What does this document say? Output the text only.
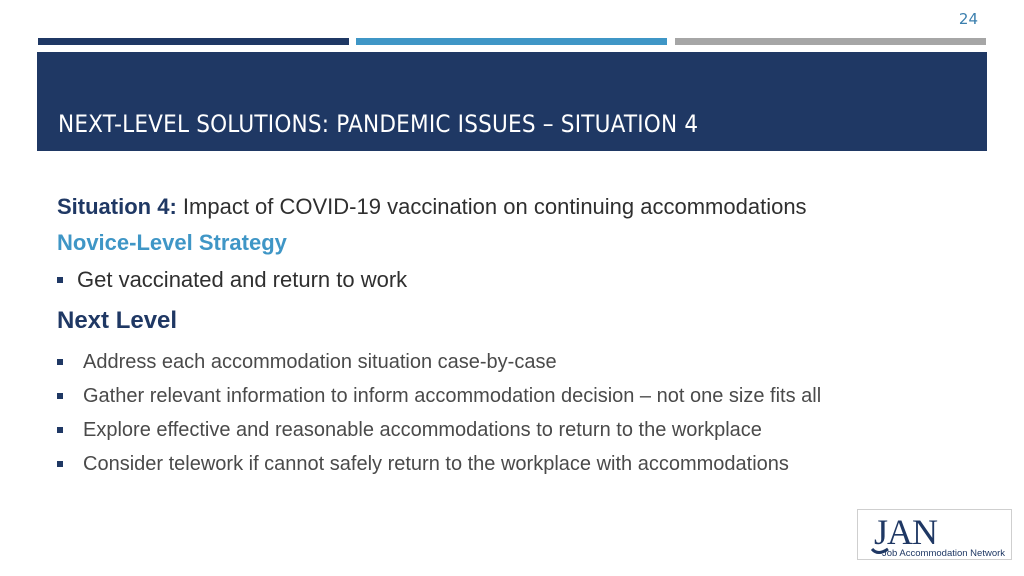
24
NEXT-LEVEL SOLUTIONS: PANDEMIC ISSUES – SITUATION 4

Situation 4: Impact of COVID-19 vaccination on continuing accommodations

Novice-Level Strategy
Get vaccinated and return to work
Next Level
Address each accommodation situation case-by-case
Gather relevant information to inform accommodation decision – not one size fits all
Explore effective and reasonable accommodations to return to the workplace
Consider telework if cannot safely return to the workplace with accommodations
JAN
Job Accommodation Network
